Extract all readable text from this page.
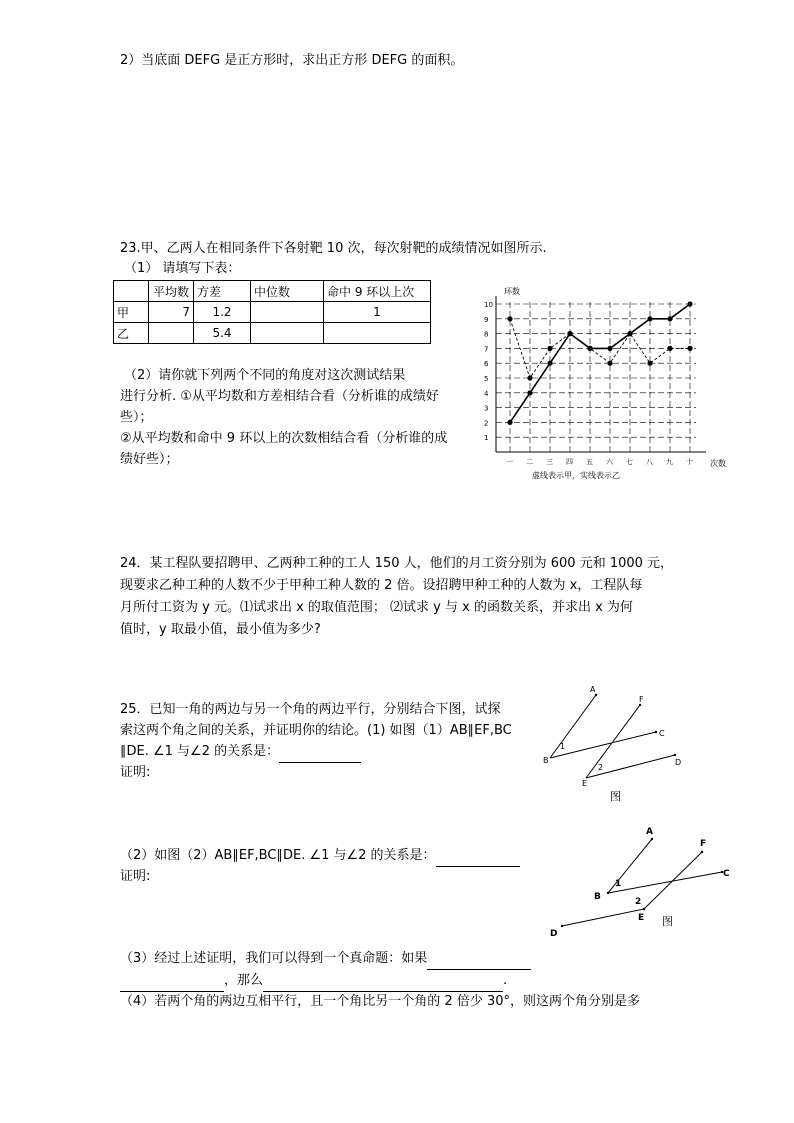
2）当底面 DEFG 是正方形时，求出正方形 DEFG 的面积。
23.甲、乙两人在相同条件下各射靶 10 次，每次射靶的成绩情况如图所示.
（1） 请填写下表：
	平均数	方差	中位数	命中 9 环以上次
甲	7	1.2		1
乙		5.4		
（2）请你就下列两个不同的角度对这次测试结果
进行分析. ①从平均数和方差相结合看（分析谁的成绩好
些）；
②从平均数和命中 9 环以上的次数相结合看（分析谁的成
绩好些）；
1
2
3
4
5
6
7
8
9
10
一 二 三 四 五 六 七 八 九 十
环数
次数
虚线表示甲，实线表示乙
24．某工程队要招聘甲、乙两种工种的工人 150 人，他们的月工资分别为 600 元和 1000 元，
现要求乙种工种的人数不少于甲种工种人数的 2 倍。设招聘甲种工种的人数为 x，工程队每
月所付工资为 y 元。⑴试求出 x 的取值范围； ⑵试求 y 与 x 的函数关系，并求出 x 为何
值时，y 取最小值，最小值为多少?
25．已知一角的两边与另一个角的两边平行，分别结合下图，试探
索这两个角之间的关系，并证明你的结论。(1) 如图（1）AB∥EF,BC
∥DE. ∠1 与∠2 的关系是：
证明:
（2）如图（2）AB∥EF,BC∥DE. ∠1 与∠2 的关系是：
证明:
（3）经过上述证明，我们可以得到一个真命题：如果
，那么	.
（4）若两个角的两边互相平行，且一个角比另一个角的 2 倍少 30°，则这两个角分别是多
A
B
C
D
E
F
1
2
图
A
B
C
D
E
F
1
2
图
